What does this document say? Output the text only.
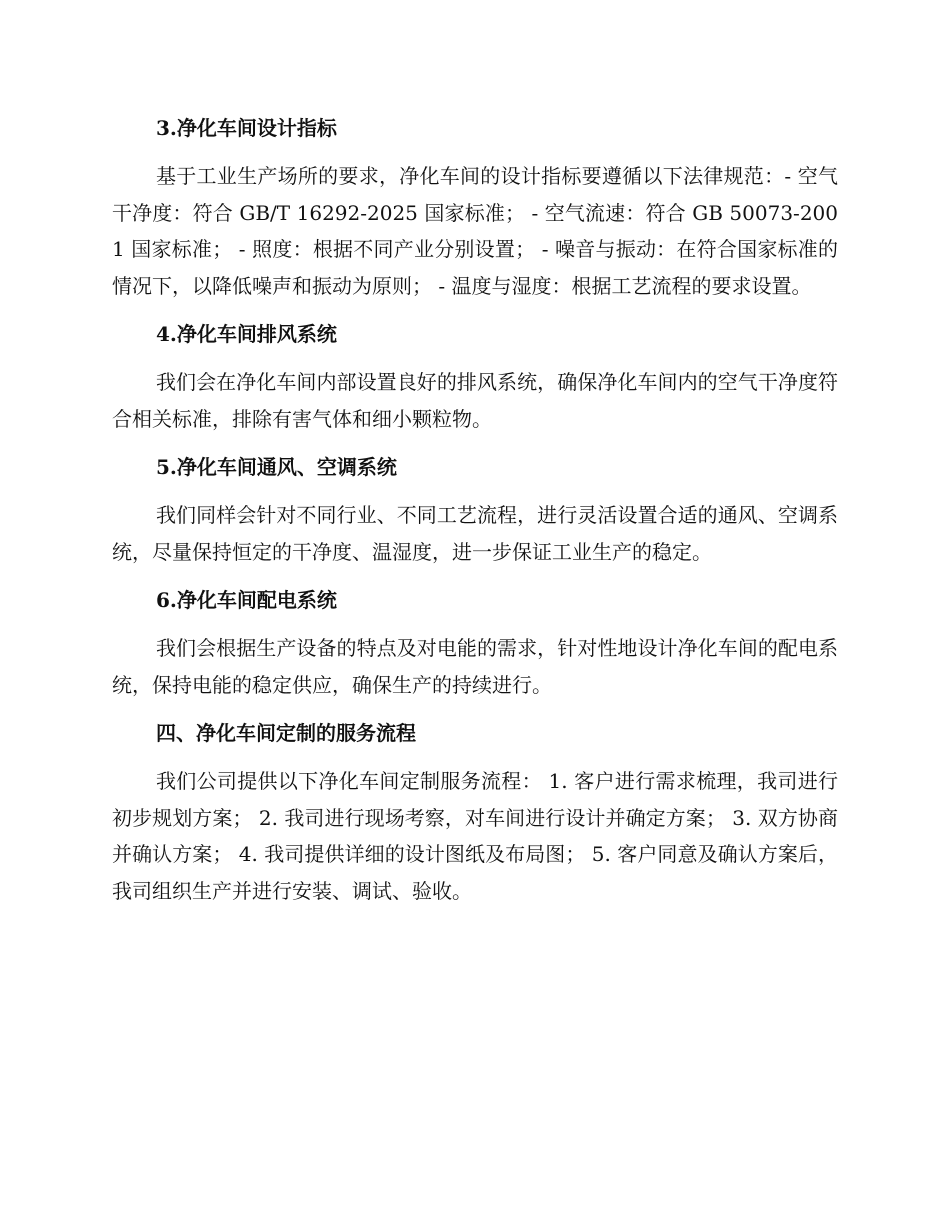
3.净化车间设计指标

基于工业生产场所的要求，净化车间的设计指标要遵循以下法律规范：- 空气干净度：符合 GB/T 16292-2025 国家标准； - 空气流速：符合 GB 50073-2001 国家标准； - 照度：根据不同产业分别设置； - 噪音与振动：在符合国家标准的情况下，以降低噪声和振动为原则； - 温度与湿度：根据工艺流程的要求设置。

4.净化车间排风系统

我们会在净化车间内部设置良好的排风系统，确保净化车间内的空气干净度符合相关标准，排除有害气体和细小颗粒物。

5.净化车间通风、空调系统

我们同样会针对不同行业、不同工艺流程，进行灵活设置合适的通风、空调系统，尽量保持恒定的干净度、温湿度，进一步保证工业生产的稳定。

6.净化车间配电系统

我们会根据生产设备的特点及对电能的需求，针对性地设计净化车间的配电系统，保持电能的稳定供应，确保生产的持续进行。

四、净化车间定制的服务流程

我们公司提供以下净化车间定制服务流程： 1. 客户进行需求梳理，我司进行初步规划方案； 2. 我司进行现场考察，对车间进行设计并确定方案； 3. 双方协商并确认方案； 4. 我司提供详细的设计图纸及布局图； 5. 客户同意及确认方案后，我司组织生产并进行安装、调试、验收。
